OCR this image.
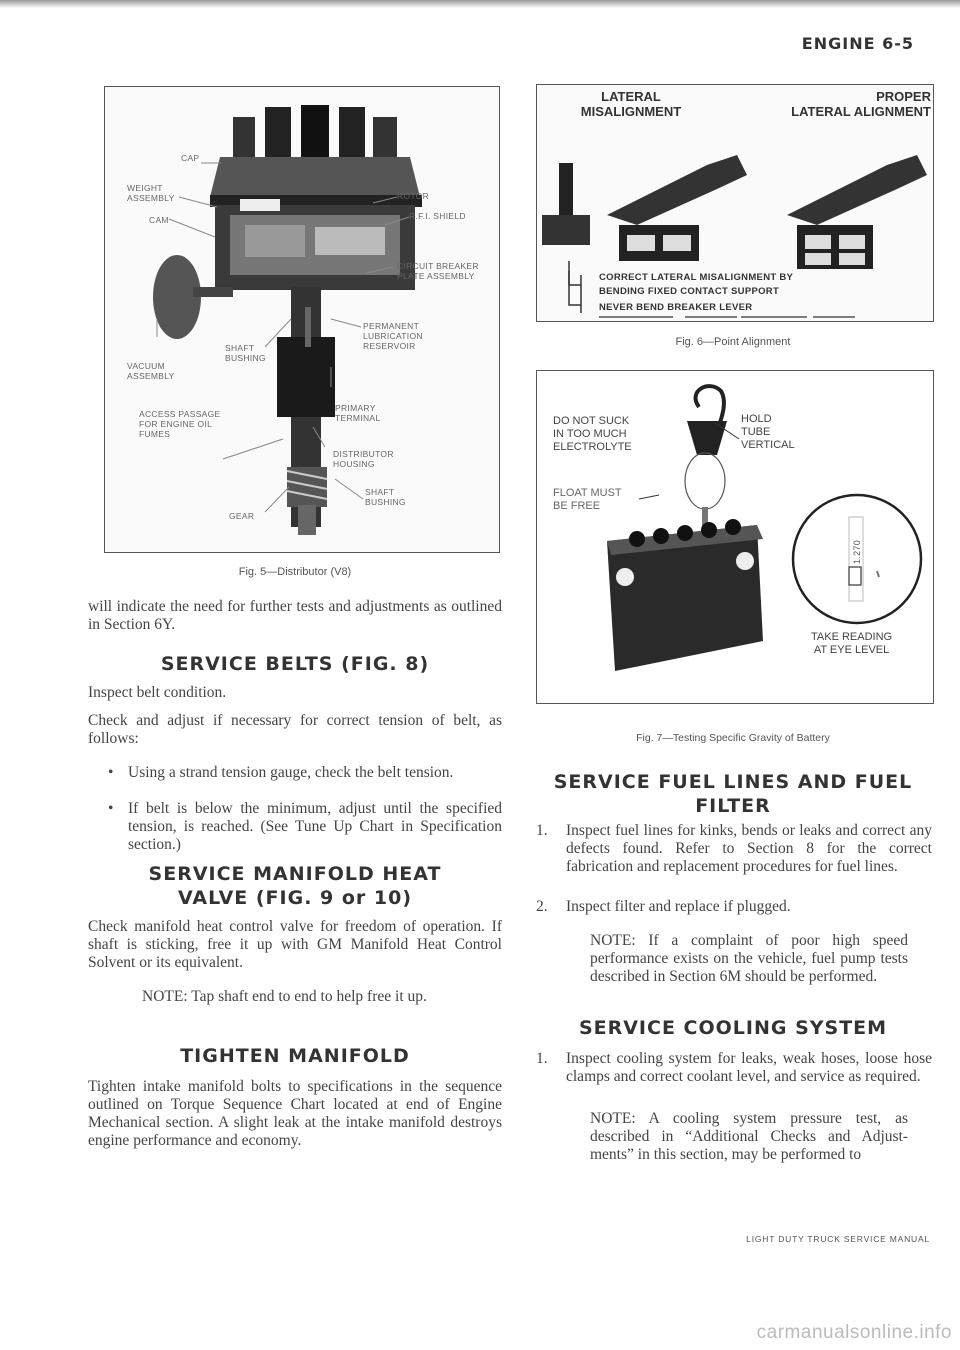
ENGINE 6-5
CAP
WEIGHT
ASSEMBLY
CAM
ROTOR
R.F.I. SHIELD
CIRCUIT BREAKER
PLATE ASSEMBLY
PERMANENT
LUBRICATION
RESERVOIR
SHAFT
BUSHING
VACUUM
ASSEMBLY
ACCESS PASSAGE
FOR ENGINE OIL
FUMES
PRIMARY
TERMINAL
DISTRIBUTOR
HOUSING
SHAFT
BUSHING
GEAR
Fig. 5—Distributor (V8)

will indicate the need for further tests and adjustments as outlined in Section 6Y.

SERVICE BELTS (FIG. 8)

Inspect belt condition.

Check and adjust if necessary for correct tension of belt, as follows:

• Using a strand tension gauge, check the belt tension.

• If belt is below the minimum, adjust until the specified tension, is reached. (See Tune Up Chart in Specification section.)

SERVICE MANIFOLD HEAT
VALVE (FIG. 9 or 10)

Check manifold heat control valve for freedom of operation. If shaft is sticking, free it up with GM Manifold Heat Control Solvent or its equivalent.

NOTE: Tap shaft end to end to help free it up.

TIGHTEN MANIFOLD

Tighten intake manifold bolts to specifications in the sequence outlined on Torque Sequence Chart located at end of Engine Mechanical section. A slight leak at the intake manifold destroys engine performance and economy.

LATERAL
MISALIGNMENT
PROPER
LATERAL ALIGNMENT
CORRECT LATERAL MISALIGNMENT BY
BENDING FIXED CONTACT SUPPORT
NEVER BEND BREAKER LEVER
Fig. 6—Point Alignment
DO NOT SUCK
IN TOO MUCH
ELECTROLYTE
HOLD
TUBE
VERTICAL
FLOAT MUST
BE FREE
TAKE READING
AT EYE LEVEL
1.270
Fig. 7—Testing Specific Gravity of Battery
SERVICE FUEL LINES AND FUEL
FILTER
1. Inspect fuel lines for kinks, bends or leaks and correct any defects found. Refer to Section 8 for the correct fabrication and replacement procedures for fuel lines.

2. Inspect filter and replace if plugged.

NOTE: If a complaint of poor high speed performance exists on the vehicle, fuel pump tests described in Section 6M should be performed.

SERVICE COOLING SYSTEM
1. Inspect cooling system for leaks, weak hoses, loose hose clamps and correct coolant level, and service as required.

NOTE: A cooling system pressure test, as described in “Additional Checks and Adjust-ments” in this section, may be performed to

LIGHT DUTY TRUCK SERVICE MANUAL
carmanualsonline.info
